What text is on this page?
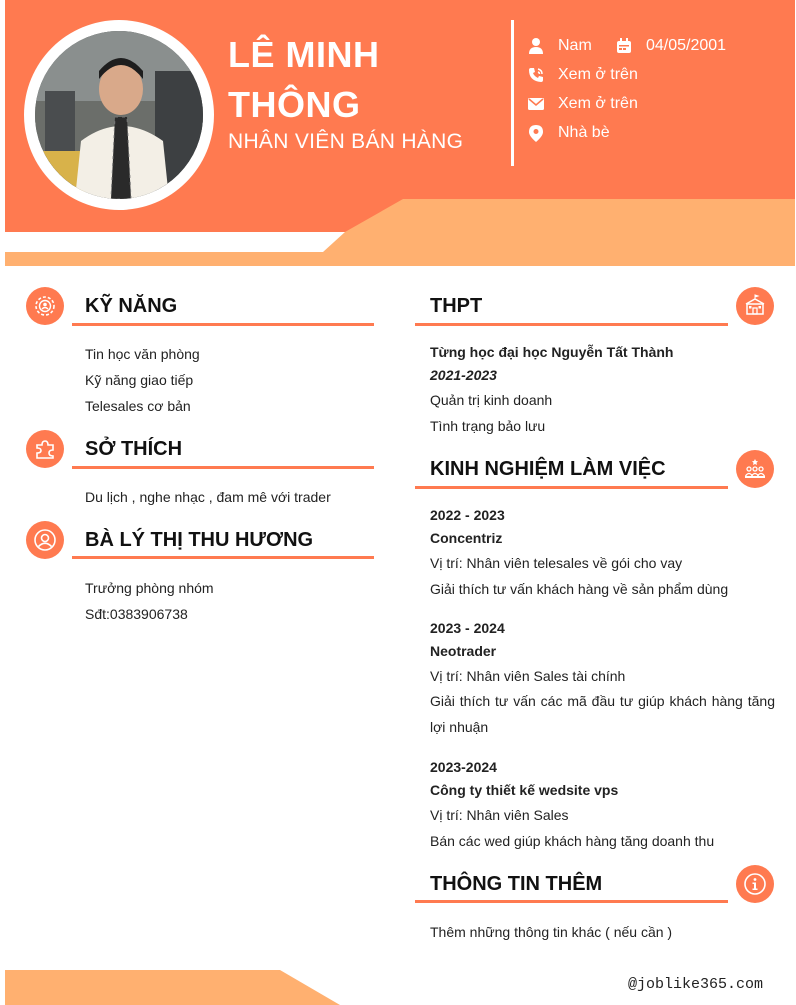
LÊ MINH THÔNG
NHÂN VIÊN BÁN HÀNG
Nam	04/05/2001
Xem ở trên
Xem ở trên
Nhà bè
KỸ NĂNG
Tin học văn phòng
Kỹ năng giao tiếp
Telesales cơ bản
SỞ THÍCH
Du lịch , nghe nhạc , đam mê với trader
BÀ LÝ THỊ THU HƯƠNG
Trưởng phòng nhóm
Sđt:0383906738
THPT
Từng học đại học Nguyễn Tất Thành
2021-2023
Quản trị kinh doanh
Tình trạng bảo lưu
KINH NGHIỆM LÀM VIỆC
2022 - 2023
Concentriz
Vị trí: Nhân viên telesales về gói cho vay
Giải thích tư vấn khách hàng về sản phẩm dùng
2023 - 2024
Neotrader
Vị trí: Nhân viên Sales tài chính
Giải thích tư vấn các mã đầu tư giúp khách hàng tăng lợi nhuận
2023-2024
Công ty thiết kế wedsite vps
Vị trí: Nhân viên Sales
Bán các wed giúp khách hàng tăng doanh thu
THÔNG TIN THÊM
Thêm những thông tin khác ( nếu cần )
@joblike365.com
